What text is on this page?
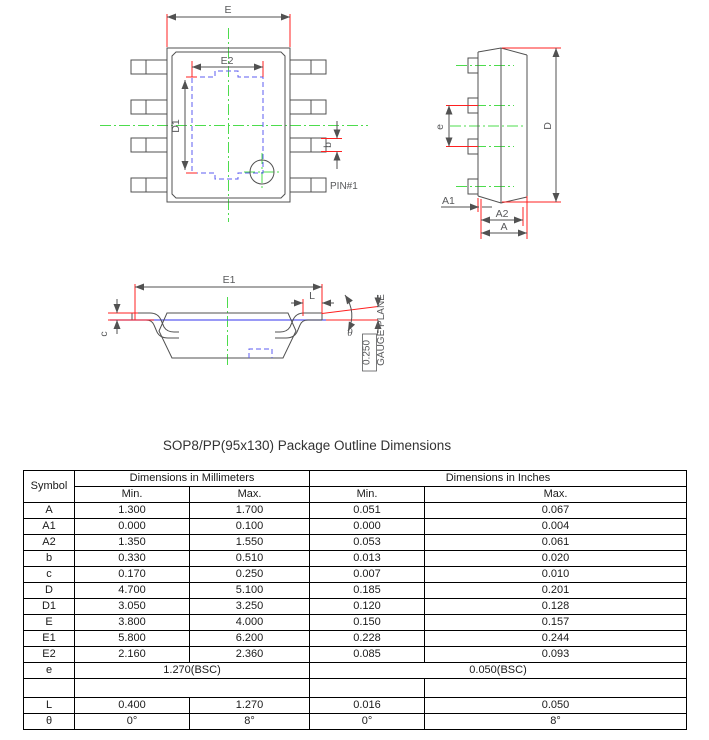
E
E2
D1
b
PIN#1
e	D
A1
A2
A
E1
L
c	θ
0.250 GAUGE PLANE
SOP8/PP(95x130) Package Outline Dimensions
Symbol	Dimensions in Millimeters		Dimensions in Inches	
	Min.	Max.	Min.	Max.
A	1.300	1.700	0.051	0.067
A1	0.000	0.100	0.000	0.004
A2	1.350	1.550	0.053	0.061
b	0.330	0.510	0.013	0.020
c	0.170	0.250	0.007	0.010
D	4.700	5.100	0.185	0.201
D1	3.050	3.250	0.120	0.128
E	3.800	4.000	0.150	0.157
E1	5.800	6.200	0.228	0.244
E2	2.160	2.360	0.085	0.093
e	1.270(BSC)		0.050(BSC)	

L	0.400	1.270	0.016	0.050
θ	0°	8°	0°	8°
